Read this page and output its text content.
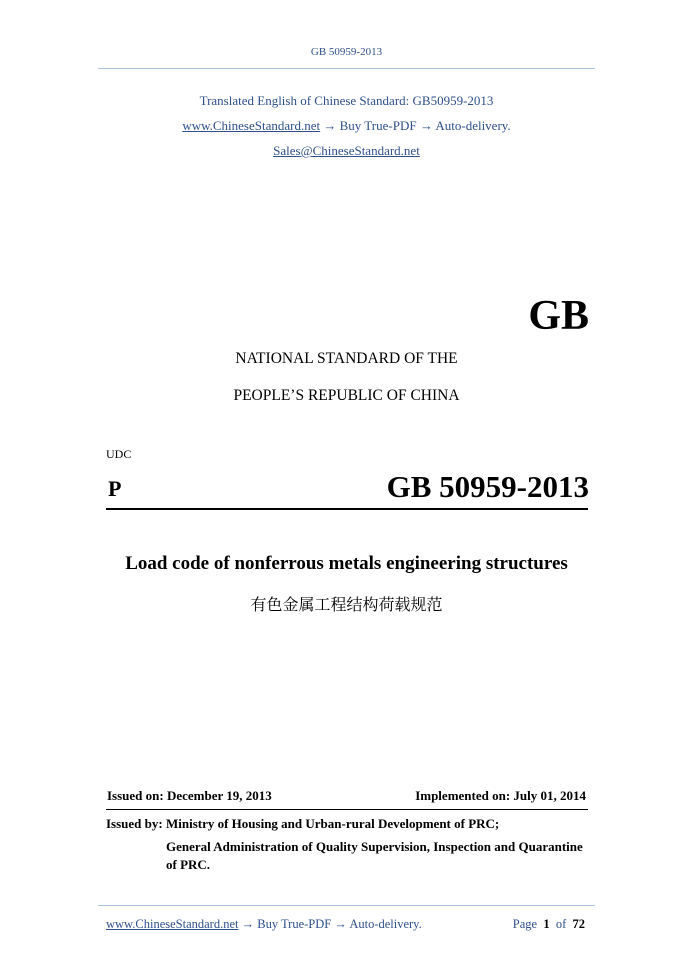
GB 50959-2013
Translated English of Chinese Standard: GB50959-2013
www.ChineseStandard.net → Buy True-PDF → Auto-delivery.
Sales@ChineseStandard.net
GB
NATIONAL STANDARD OF THE
PEOPLE’S REPUBLIC OF CHINA
UDC
P	GB 50959-2013
Load code of nonferrous metals engineering structures
有色金属工程结构荷载规范
Issued on: December 19, 2013	Implemented on: July 01, 2014
Issued by: Ministry of Housing and Urban-rural Development of PRC;
General Administration of Quality Supervision, Inspection and Quarantine of PRC.
www.ChineseStandard.net → Buy True-PDF → Auto-delivery.	Page 1 of 72
